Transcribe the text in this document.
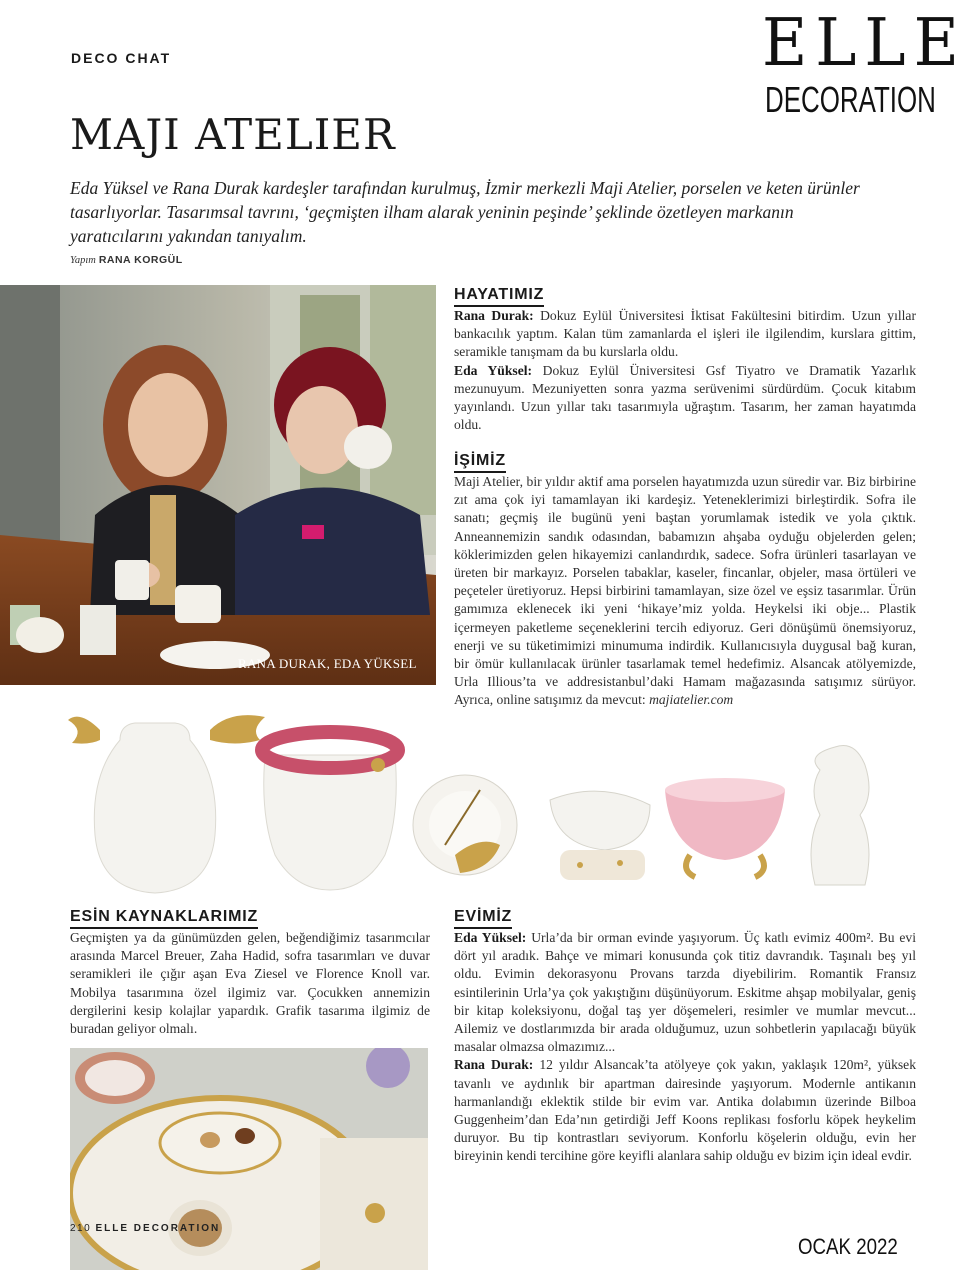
DECO CHAT	ELLE
DECORATION
MAJI ATELIER
Eda Yüksel ve Rana Durak kardeşler tarafından kurulmuş, İzmir merkezli Maji Atelier, porselen ve keten ürünler tasarlıyorlar. Tasarımsal tavrını, ‘geçmişten ilham alarak yeninin peşinde’ şeklinde özetleyen markanın yaratıcılarını yakından tanıyalım.
Yapım RANA KORGÜL
RANA DURAK, EDA YÜKSEL
HAYATIMIZ
Rana Durak: Dokuz Eylül Üniversitesi İktisat Fakültesini bitirdim. Uzun yıllar bankacılık yaptım. Kalan tüm zamanlarda el işleri ile ilgilendim, kurslara gittim, seramikle tanışmam da bu kurslarla oldu.
Eda Yüksel: Dokuz Eylül Üniversitesi Gsf Tiyatro ve Dramatik Yazarlık mezunuyum. Mezuniyetten sonra yazma serüvenimi sürdürdüm. Çocuk kitabım yayınlandı. Uzun yıllar takı tasarımıyla uğraştım. Tasarım, her zaman hayatımda oldu.
İŞİMİZ
Maji Atelier, bir yıldır aktif ama porselen hayatımızda uzun süredir var. Biz birbirine zıt ama çok iyi tamamlayan iki kardeşiz. Yeteneklerimizi birleştirdik. Sofra ile sanatı; geçmiş ile bugünü yeni baştan yorumlamak istedik ve yola çıktık. Anneannemizin sandık odasından, babamızın ahşaba oyduğu objelerden gelen; köklerimizden gelen hikayemizi canlandırdık, sadece. Sofra ürünleri tasarlayan ve üreten bir markayız. Porselen tabaklar, kaseler, fincanlar, objeler, masa örtüleri ve peçeteler üretiyoruz. Hepsi birbirini tamamlayan, size özel ve eşsiz tasarımlar. Ürün gamımıza eklenecek iki yeni ‘hikaye’miz yolda. Heykelsi iki obje... Plastik içermeyen paketleme seçeneklerini tercih ediyoruz. Geri dönüşümü önemsiyoruz, enerji ve su tüketimimizi minumuma indirdik. Kullanıcısıyla duygusal bağ kuran, bir ömür kullanılacak ürünler tasarlamak temel hedefimiz. Alsancak atölyemizde, Urla Illious’ta ve addresistanbul’daki Hamam mağazasında satışımız sürüyor. Ayrıca, online satışımız da mevcut: majiatelier.com
ESİN KAYNAKLARIMIZ
Geçmişten ya da günümüzden gelen, beğendiğimiz tasarımcılar arasında Marcel Breuer, Zaha Hadid, sofra tasarımları ve duvar seramikleri ile çığır aşan Eva Ziesel ve Florence Knoll var. Mobilya tasarımına özel ilgimiz var. Çocukken annemizin dergilerini kesip kolajlar yapardık. Grafik tasarıma ilgimiz de buradan geliyor olmalı.
EVİMİZ
Eda Yüksel: Urla’da bir orman evinde yaşıyorum. Üç katlı evimiz 400m². Bu evi dört yıl aradık. Bahçe ve mimari konusunda çok titiz davrandık. Taşınalı beş yıl oldu. Evimin dekorasyonu Provans tarzda diyebilirim. Romantik Fransız esintilerinin Urla’ya çok yakıştığını düşünüyorum. Eskitme ahşap mobilyalar, geniş bir kitap koleksiyonu, doğal taş yer döşemeleri, resimler ve mumlar mevcut... Ailemiz ve dostlarımızda bir arada olduğumuz, uzun sohbetlerin yapılacağı büyük masalar olmazsa olmazımız...
Rana Durak: 12 yıldır Alsancak’ta atölyeye çok yakın, yaklaşık 120m², yüksek tavanlı ve aydınlık bir apartman dairesinde yaşıyorum. Modernle antikanın harmanlandığı eklektik stilde bir evim var. Antika dolabımın üzerinde Bilboa Guggenheim’dan Eda’nın getirdiği Jeff Koons replikası fosforlu köpek heykelim duruyor. Bu tip kontrastları seviyorum. Konforlu köşelerin olduğu, evin her bireyinin kendi tercihine göre keyifli alanlara sahip olduğu ev bizim için ideal evdir.
210 ELLE DECORATION
OCAK 2022
